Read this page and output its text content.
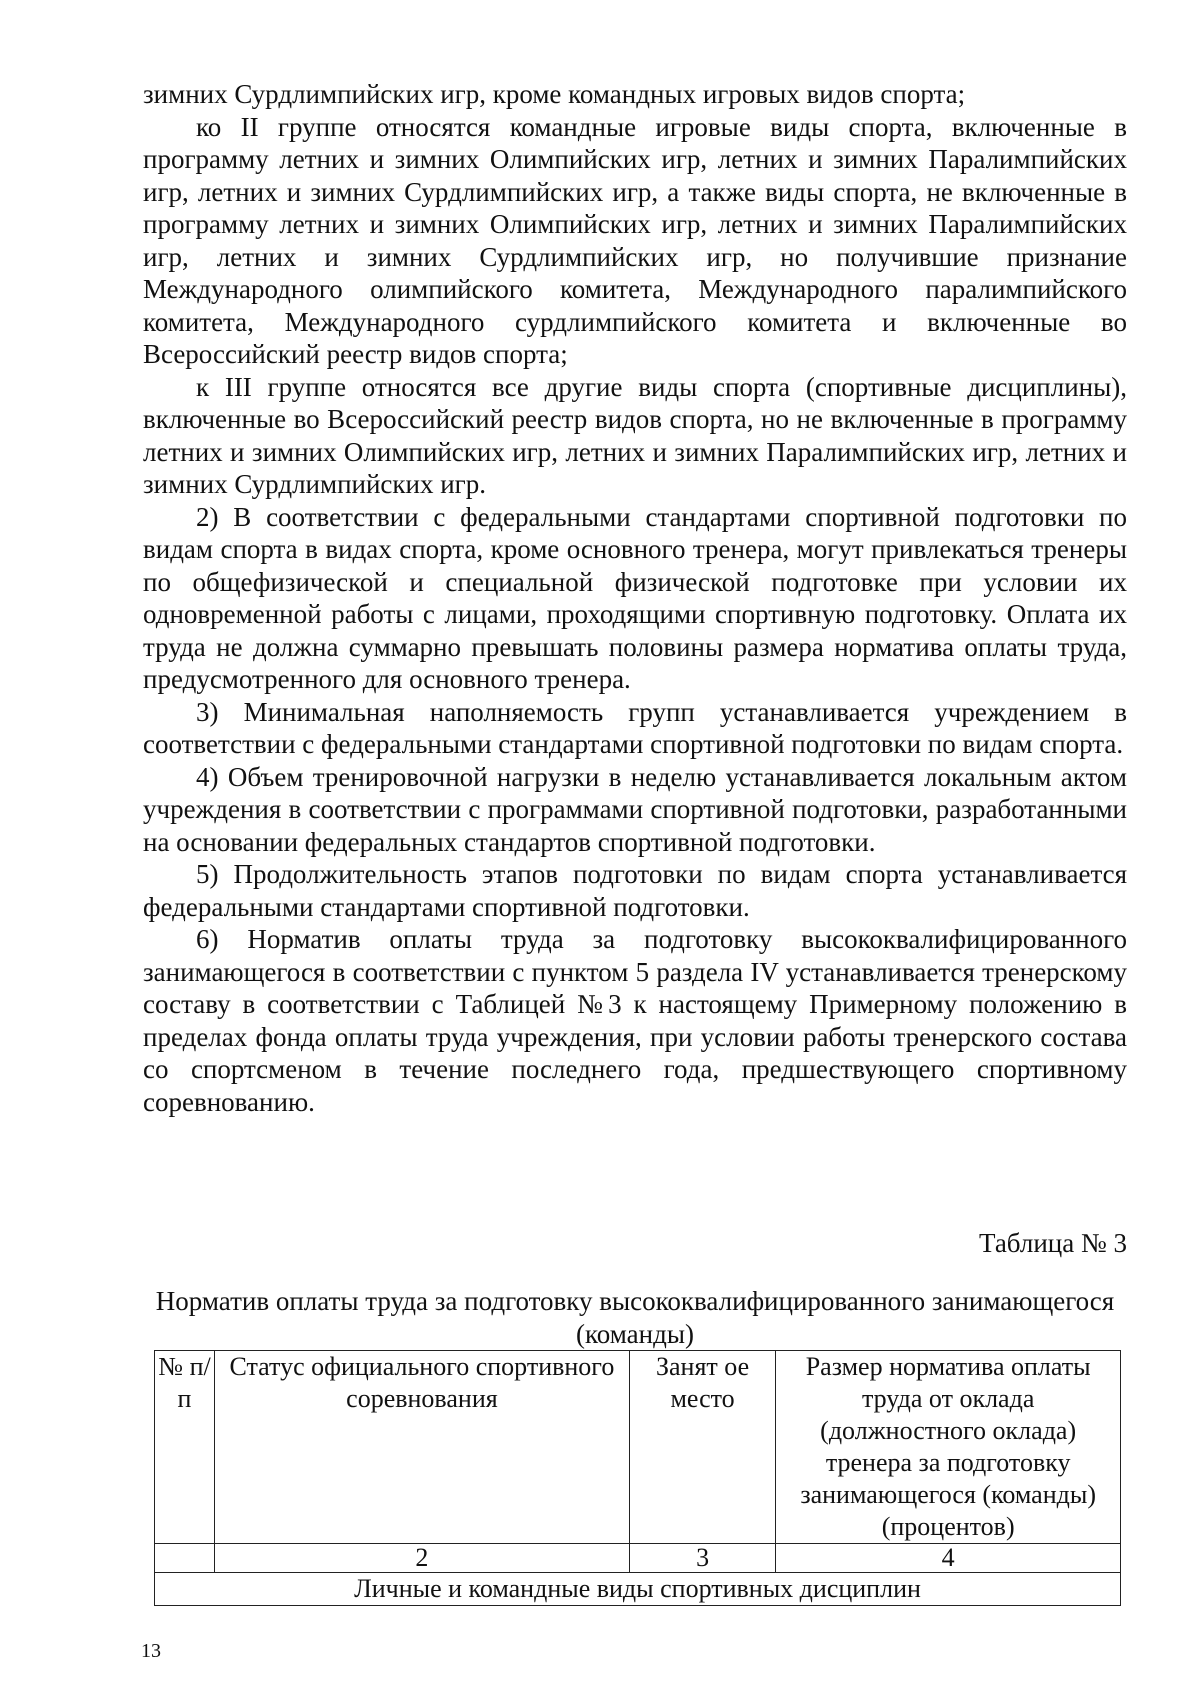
зимних Сурдлимпийских игр, кроме командных игровых видов спорта;

ко II группе относятся командные игровые виды спорта, включенные в программу летних и зимних Олимпийских игр, летних и зимних Паралимпийских игр, летних и зимних Сурдлимпийских игр, а также виды спорта, не включенные в программу летних и зимних Олимпийских игр, летних и зимних Паралимпийских игр, летних и зимних Сурдлимпийских игр, но получившие признание Международного олимпийского комитета, Международного паралимпийского комитета, Международного сурдлимпийского комитета и включенные во Всероссийский реестр видов спорта;

к III группе относятся все другие виды спорта (спортивные дисциплины), включенные во Всероссийский реестр видов спорта, но не включенные в программу летних и зимних Олимпийских игр, летних и зимних Паралимпийских игр, летних и зимних Сурдлимпийских игр.

2) В соответствии с федеральными стандартами спортивной подготовки по видам спорта в видах спорта, кроме основного тренера, могут привлекаться тренеры по общефизической и специальной физической подготовке при условии их одновременной работы с лицами, проходящими спортивную подготовку. Оплата их труда не должна суммарно превышать половины размера норматива оплаты труда, предусмотренного для основного тренера.

3) Минимальная наполняемость групп устанавливается учреждением в соответствии с федеральными стандартами спортивной подготовки по видам спорта.

4) Объем тренировочной нагрузки в неделю устанавливается локальным актом учреждения в соответствии с программами спортивной подготовки, разработанными на основании федеральных стандартов спортивной подготовки.

5) Продолжительность этапов подготовки по видам спорта устанавливается федеральными стандартами спортивной подготовки.

6) Норматив оплаты труда за подготовку высококвалифицированного занимающегося в соответствии с пунктом 5 раздела IV устанавливается тренерскому составу в соответствии с Таблицей №3 к настоящему Примерному положению в пределах фонда оплаты труда учреждения, при условии работы тренерского состава со спортсменом в течение последнего года, предшествующего спортивному соревнованию.

Таблица № 3
Норматив оплаты труда за подготовку высококвалифицированного занимающегося (команды)
№ п/п	Статус официального спортивного соревнования	Занят ое место	Размер норматива оплаты труда от оклада (должностного оклада) тренера за подготовку занимающегося (команды) (процентов)
	2	3	4
Личные и командные виды спортивных дисциплин			
13
